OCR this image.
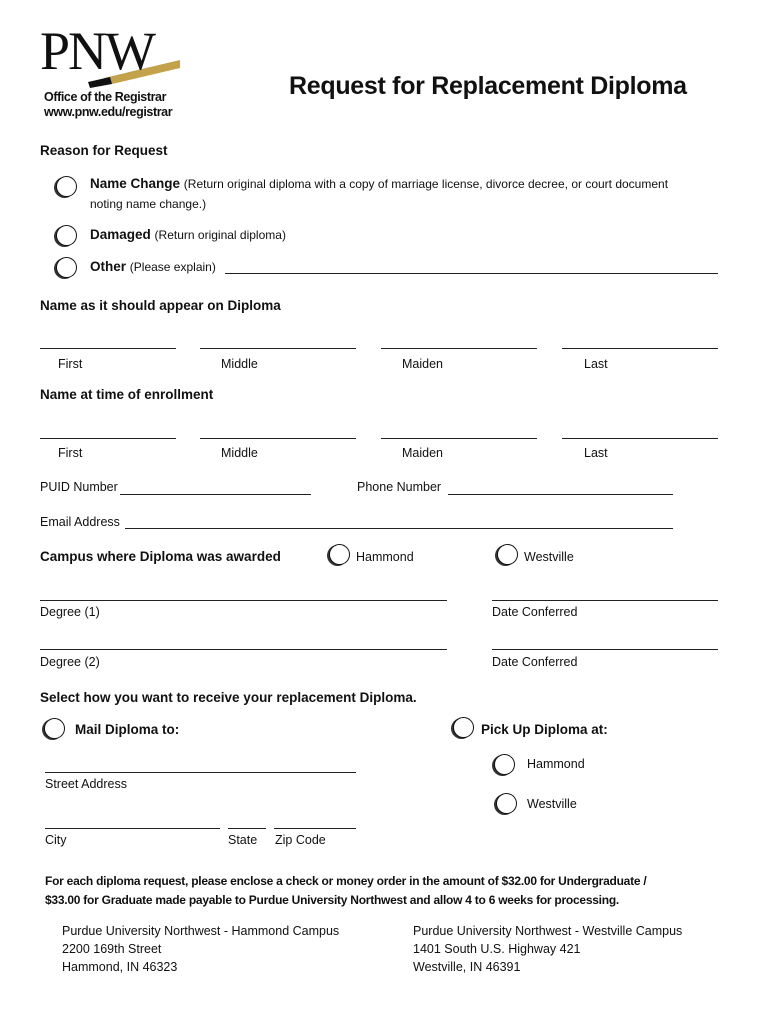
PNW
Office of the Registrar
www.pnw.edu/registrar
Request for Replacement Diploma
Reason for Request
Name Change (Return original diploma with a copy of marriage license, divorce decree, or court document
noting name change.)
Damaged (Return original diploma)
Other (Please explain)
Name as it should appear on Diploma
First	Middle	Maiden	Last
Name at time of enrollment
First	Middle	Maiden	Last
PUID Number	Phone Number
Email Address
Campus where Diploma was awarded	Hammond	Westville
Degree (1)	Date Conferred
Degree (2)	Date Conferred
Select how you want to receive your replacement Diploma.
Mail Diploma to:	Pick Up Diploma at:
Street Address
Hammond
Westville
City	State Zip Code
For each diploma request, please enclose a check or money order in the amount of $32.00 for Undergraduate /
$33.00 for Graduate made payable to Purdue University Northwest and allow 4 to 6 weeks for processing.
Purdue University Northwest - Hammond Campus
2200 169th Street
Hammond, IN 46323
Purdue University Northwest - Westville Campus
1401 South U.S. Highway 421
Westville, IN 46391
